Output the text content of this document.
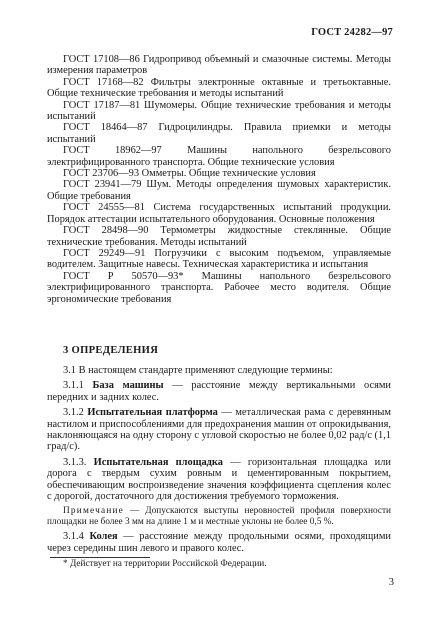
ГОСТ 24282—97

ГОСТ 17108—86 Гидропривод объемный и смазочные системы. Методы измерения параметров

ГОСТ 17168—82 Фильтры электронные октавные и третьоктавные. Общие технические требования и методы испытаний

ГОСТ 17187—81 Шумомеры. Общие технические требования и методы испытаний

ГОСТ 18464—87 Гидроцилиндры. Правила приемки и методы испытаний

ГОСТ 18962—97 Машины напольного безрельсового электрифицированного транспорта. Общие технические условия

ГОСТ 23706—93 Омметры. Общие технические условия

ГОСТ 23941—79 Шум. Методы определения шумовых характеристик. Общие требования

ГОСТ 24555—81 Система государственных испытаний продукции. Порядок аттестации испытательного оборудования. Основные положения

ГОСТ 28498—90 Термометры жидкостные стеклянные. Общие технические требования. Методы испытаний

ГОСТ 29249—91 Погрузчики с высоким подъемом, управляемые водителем. Защитные навесы. Техническая характеристика и испытания

ГОСТ Р 50570—93* Машины напольного безрельсового электрифицированного транспорта. Рабочее место водителя. Общие эргономические требования

3 ОПРЕДЕЛЕНИЯ

3.1 В настоящем стандарте применяют следующие термины:

3.1.1 База машины — расстояние между вертикальными осями передних и задних колес.

3.1.2 Испытательная платформа — металлическая рама с деревянным настилом и приспособлениями для предохранения машин от опрокидывания, наклоняющаяся на одну сторону с угловой скоростью не более 0,02 рад/с (1,1 град/с).

3.1.3. Испытательная площадка — горизонтальная площадка или дорога с твердым сухим ровным и цементированным покрытием, обеспечивающим воспроизведение значения коэффициента сцепления колес с дорогой, достаточного для достижения требуемого торможения.

Примечание — Допускаются выступы неровностей профиля поверхности площадки не более 3 мм на длине 1 м и местные уклоны не более 0,5 %.

3.1.4 Колея — расстояние между продольными осями, проходящими через середины шин левого и правого колес.

* Действует на территории Российской Федерации.
3
